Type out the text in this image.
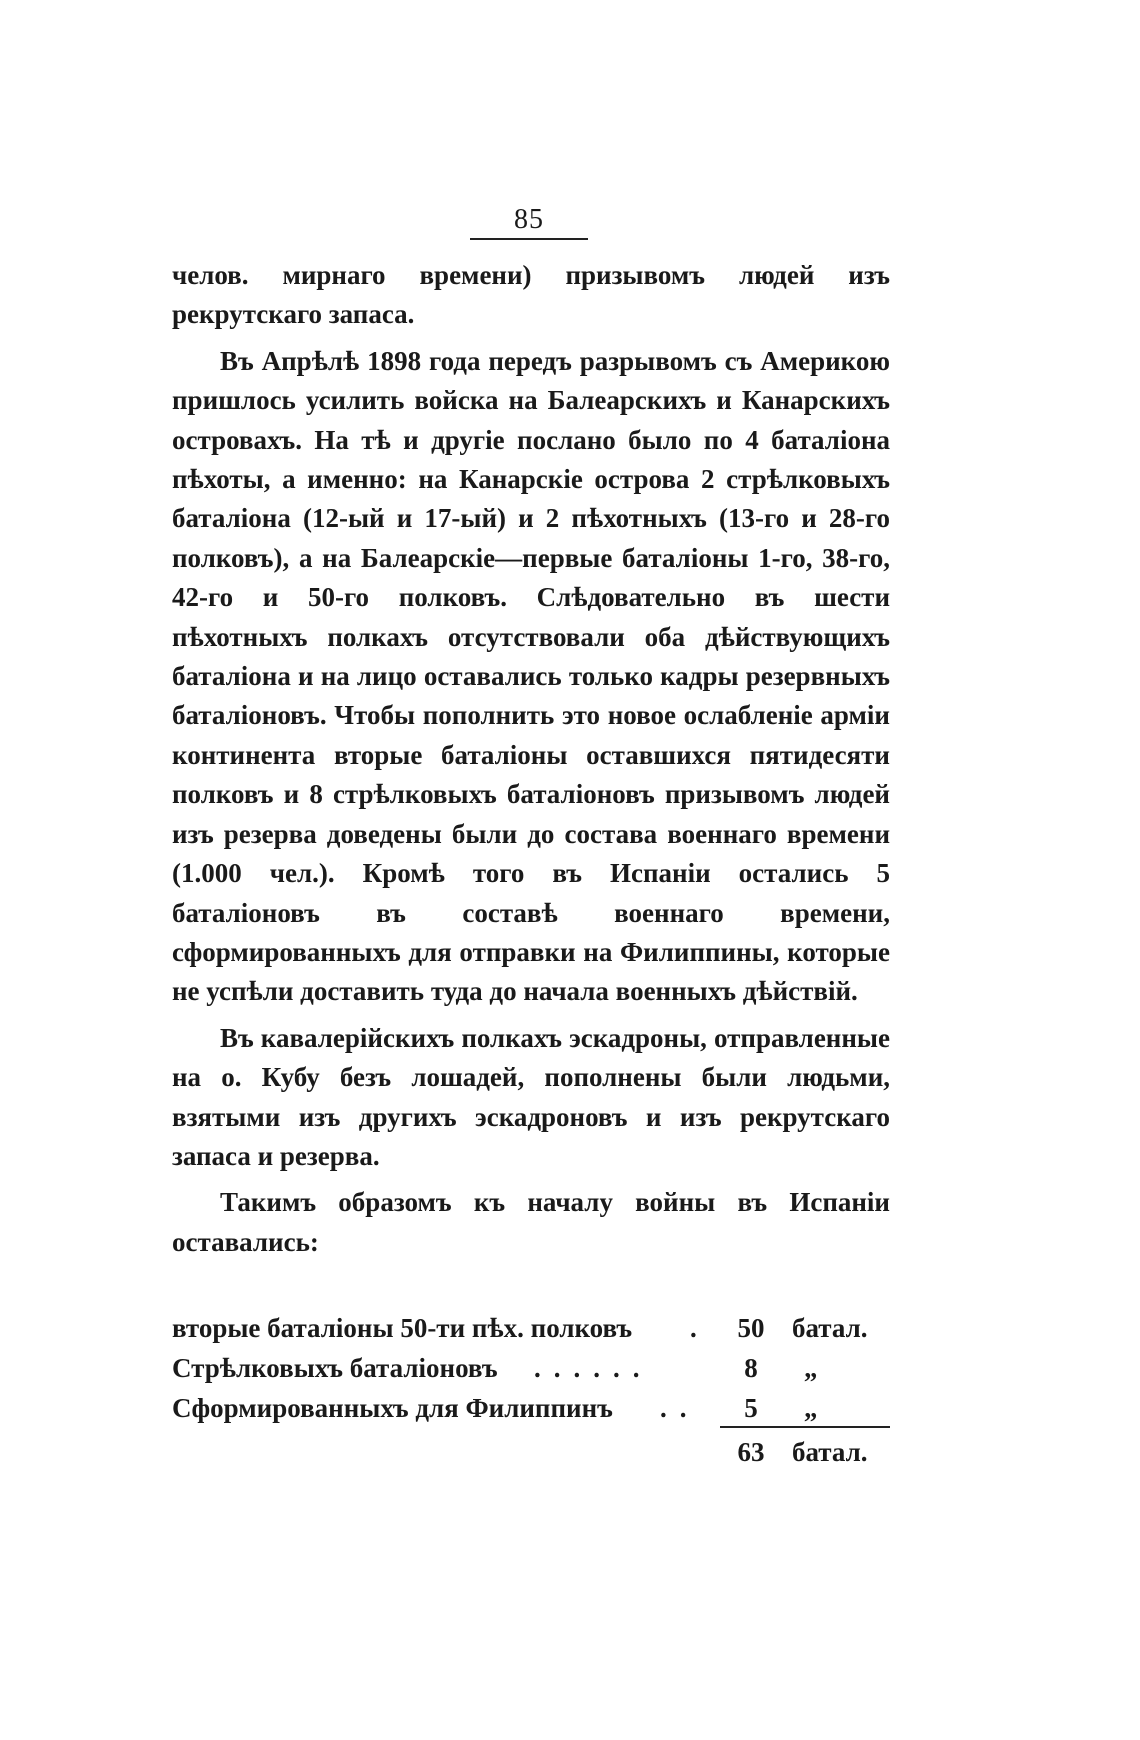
85

челов. мирнаго времени) призывомъ людей изъ рекрутскаго запаса.

Въ Апрѣлѣ 1898 года передъ разрывомъ съ Америкою пришлось усилить войска на Балеарскихъ и Канарскихъ островахъ. На тѣ и другіе послано было по 4 баталіона пѣхоты, а именно: на Канарскіе острова 2 стрѣлковыхъ баталіона (12-ый и 17-ый) и 2 пѣхотныхъ (13-го и 28-го полковъ), а на Балеарскіе—первые баталіоны 1-го, 38-го, 42-го и 50-го полковъ. Слѣдовательно въ шести пѣхотныхъ полкахъ отсутствовали оба дѣйствующихъ баталіона и на лицо оставались только кадры резервныхъ баталіоновъ. Чтобы пополнить это новое ослабленіе арміи континента вторые баталіоны оставшихся пятидесяти полковъ и 8 стрѣлковыхъ баталіоновъ призывомъ людей изъ резерва доведены были до состава военнаго времени (1.000 чел.). Кромѣ того въ Испаніи остались 5 баталіоновъ въ составѣ военнаго времени, сформированныхъ для отправки на Филиппины, которые не успѣли доставить туда до начала военныхъ дѣйствій.

Въ кавалерійскихъ полкахъ эскадроны, отправленные на о. Кубу безъ лошадей, пополнены были людьми, взятыми изъ другихъ эскадроновъ и изъ рекрутскаго запаса и резерва.

Такимъ образомъ къ началу войны въ Испаніи оставались:

вторые баталіоны 50-ти пѣх. полковъ .	50	батал.
Стрѣлковыхъ баталіоновъ ......	8	„
Сформированныхъ для Филиппинъ ..	5	„
63	батал.
